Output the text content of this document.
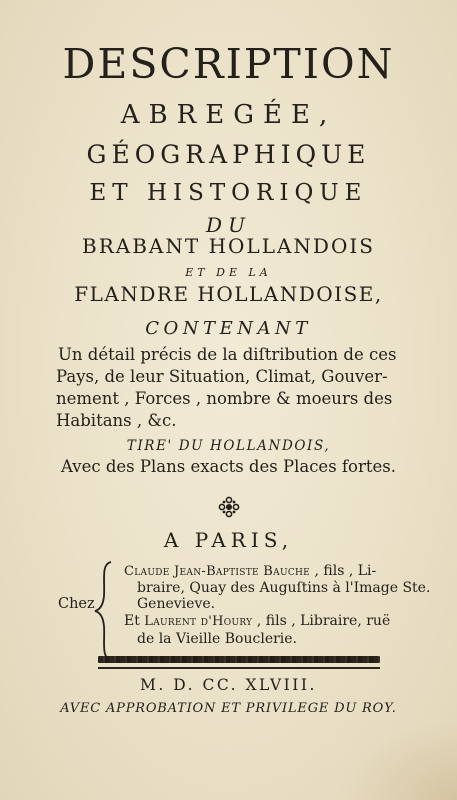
DESCRIPTION
ABREGÉE,
GÉOGRAPHIQUE
ET HISTORIQUE
DU
BRABANT HOLLANDOIS
ET DE LA
FLANDRE HOLLANDOISE,
CONTENANT
Un détail précis de la diſtribution de ces
Pays, de leur Situation, Climat, Gouver-
nement , Forces , nombre & moeurs des
Habitans , &c.
TIRE' DU HOLLANDOIS,
Avec des Plans exacts des Places fortes.
A PARIS,
Chez
Claude Jean-Baptiste Bauche , fils , Li-
braire, Quay des Auguſtins à l'Image Ste.
Genevieve.
Et Laurent d'Houry , fils , Libraire, ruë
de la Vieille Bouclerie.
M. D. CC. XLVIII.
AVEC APPROBATION ET PRIVILEGE DU ROY.
